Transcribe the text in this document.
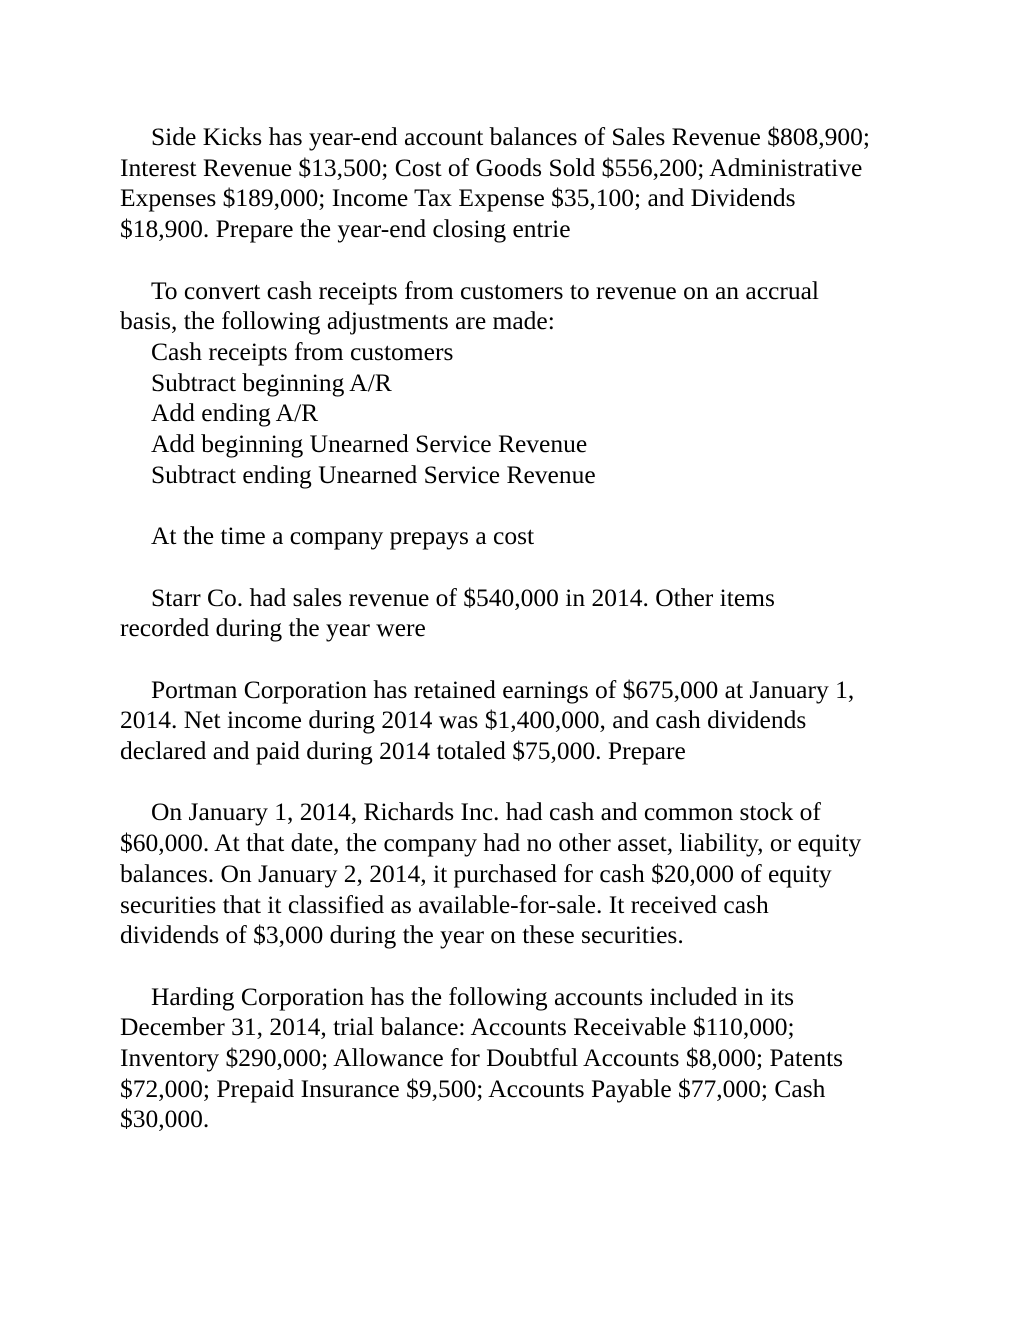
Side Kicks has year-end account balances of Sales Revenue $808,900;
Interest Revenue $13,500; Cost of Goods Sold $556,200; Administrative
Expenses $189,000; Income Tax Expense $35,100; and Dividends
$18,900. Prepare the year-end closing entrie
To convert cash receipts from customers to revenue on an accrual
basis, the following adjustments are made:
Cash receipts from customers
Subtract beginning A/R
Add ending A/R
Add beginning Unearned Service Revenue
Subtract ending Unearned Service Revenue
At the time a company prepays a cost
Starr Co. had sales revenue of $540,000 in 2014. Other items
recorded during the year were
Portman Corporation has retained earnings of $675,000 at January 1,
2014. Net income during 2014 was $1,400,000, and cash dividends
declared and paid during 2014 totaled $75,000. Prepare
On January 1, 2014, Richards Inc. had cash and common stock of
$60,000. At that date, the company had no other asset, liability, or equity
balances. On January 2, 2014, it purchased for cash $20,000 of equity
securities that it classified as available-for-sale. It received cash
dividends of $3,000 during the year on these securities.
Harding Corporation has the following accounts included in its
December 31, 2014, trial balance: Accounts Receivable $110,000;
Inventory $290,000; Allowance for Doubtful Accounts $8,000; Patents
$72,000; Prepaid Insurance $9,500; Accounts Payable $77,000; Cash
$30,000.
